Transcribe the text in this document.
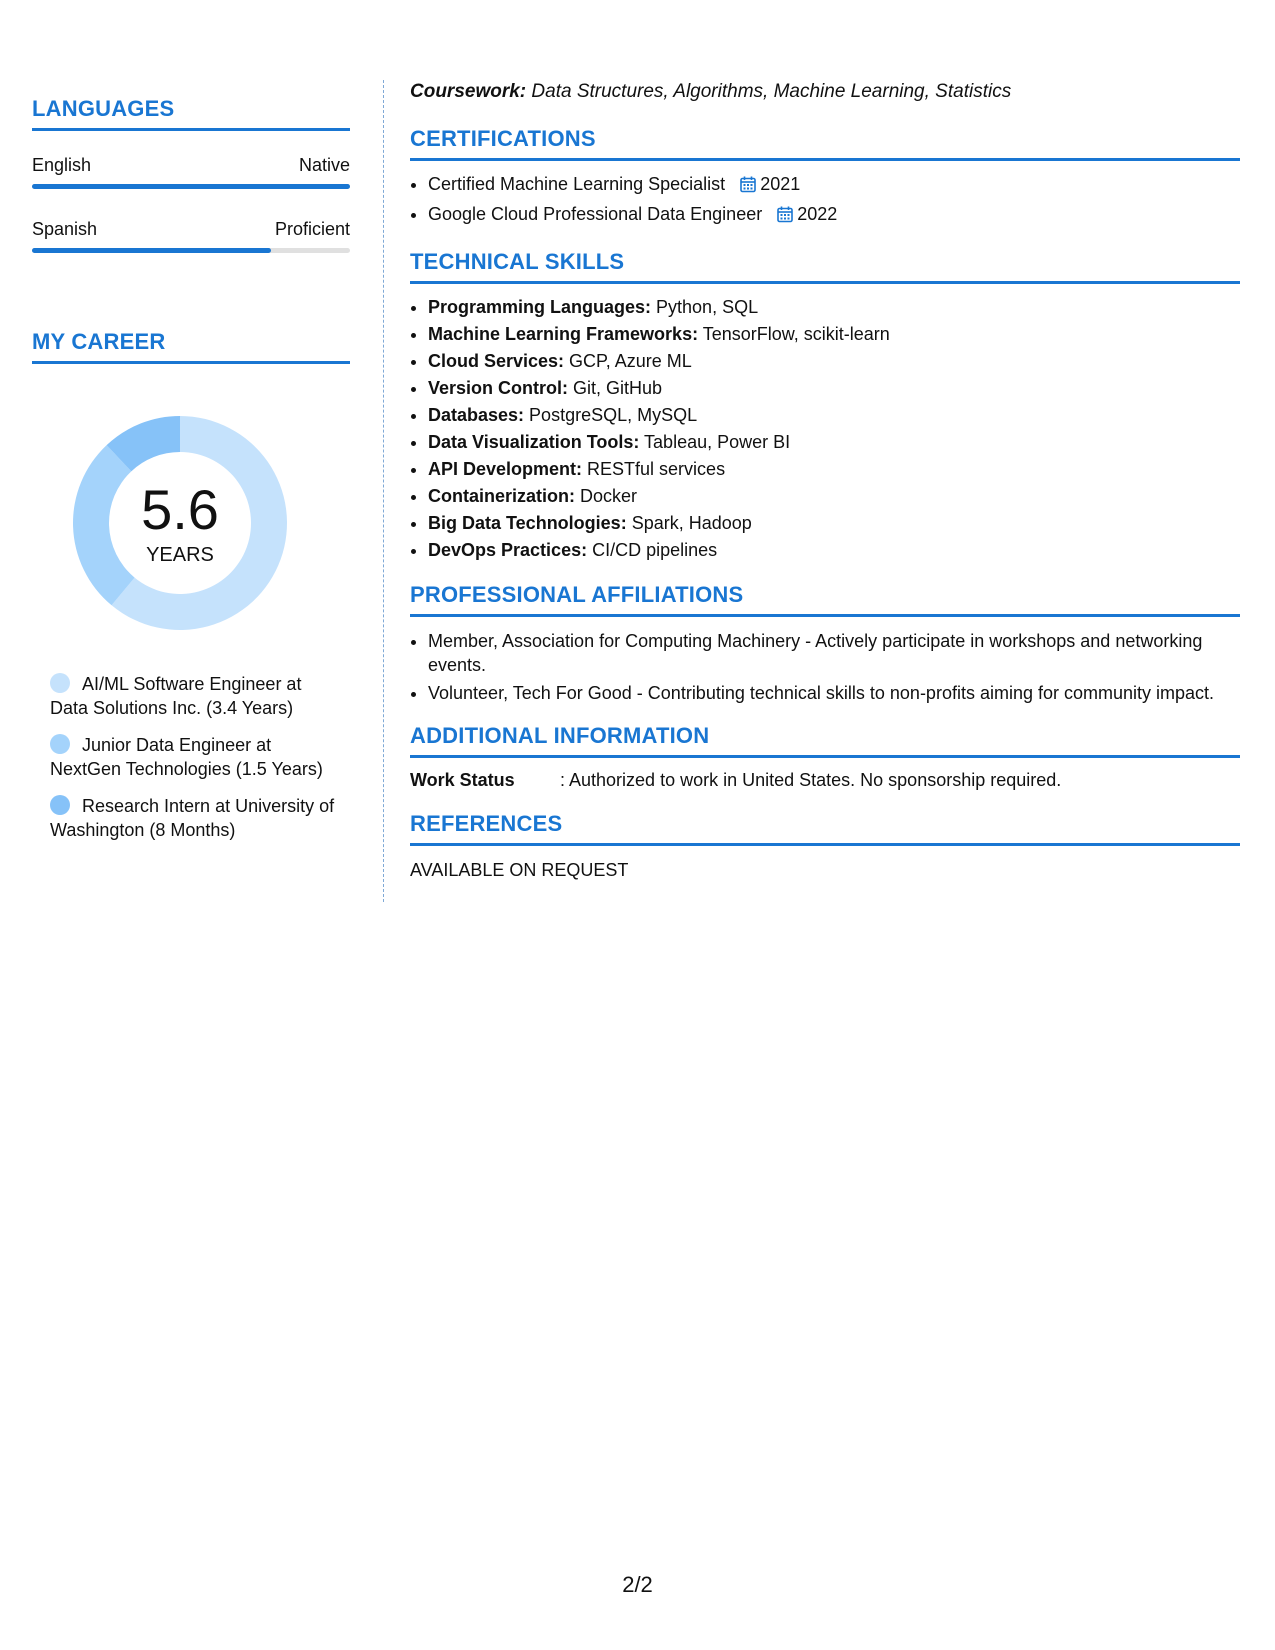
LANGUAGES
English	Native
Spanish	Proficient
MY CAREER
5.6
YEARS
AI/ML Software Engineer at Data Solutions Inc. (3.4 Years)
Junior Data Engineer at NextGen Technologies (1.5 Years)
Research Intern at University of Washington (8 Months)
Coursework: Data Structures, Algorithms, Machine Learning, Statistics
CERTIFICATIONS
• Certified Machine Learning Specialist 2021
• Google Cloud Professional Data Engineer 2022
TECHNICAL SKILLS
• Programming Languages: Python, SQL
• Machine Learning Frameworks: TensorFlow, scikit-learn
• Cloud Services: GCP, Azure ML
• Version Control: Git, GitHub
• Databases: PostgreSQL, MySQL
• Data Visualization Tools: Tableau, Power BI
• API Development: RESTful services
• Containerization: Docker
• Big Data Technologies: Spark, Hadoop
• DevOps Practices: CI/CD pipelines
PROFESSIONAL AFFILIATIONS
• Member, Association for Computing Machinery - Actively participate in workshops and networking events.
• Volunteer, Tech For Good - Contributing technical skills to non-profits aiming for community impact.
ADDITIONAL INFORMATION
Work Status	: Authorized to work in United States. No sponsorship required.
REFERENCES
AVAILABLE ON REQUEST
2/2
